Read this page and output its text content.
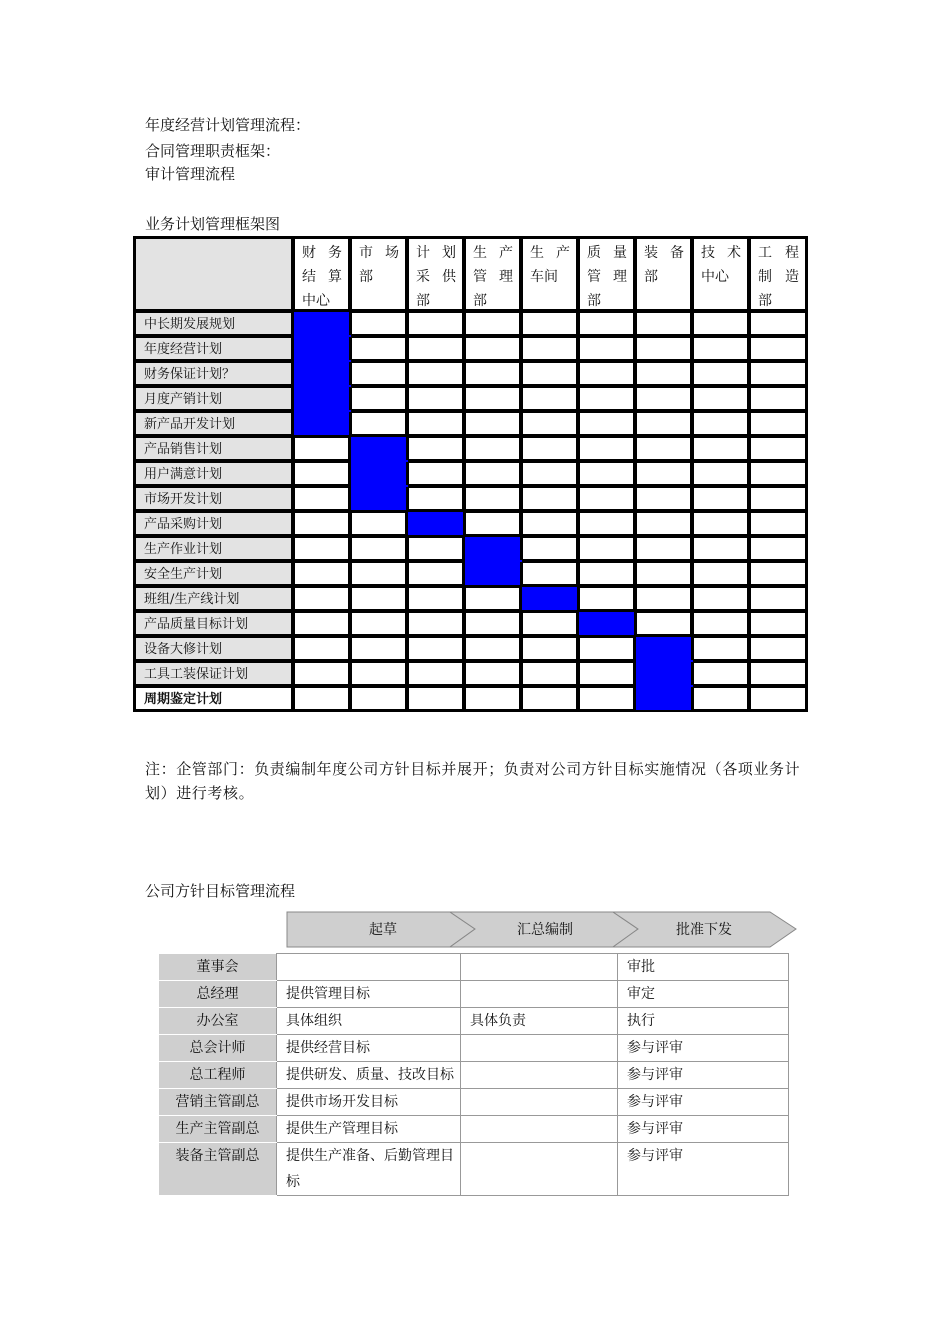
年度经营计划管理流程：
合同管理职责框架：
审计管理流程
业务计划管理框架图

	财 务
结 算
中心	市 场
部	计 划
采 供
部	生 产
管 理
部	生 产
车间	质 量
管 理
部	装 备
部	技 术
中心	工 程
制 造
部

中长期发展规划									

年度经营计划									

财务保证计划？									

月度产销计划									

新产品开发计划									

产品销售计划									

用户满意计划									

市场开发计划									

产品采购计划									

生产作业计划									

安全生产计划									

班组/生产线计划									

产品质量目标计划									

设备大修计划									

工具工装保证计划									

周期鉴定计划									

注：企管部门：负责编制年度公司方针目标并展开；负责对公司方针目标实施情况（各项业务计划）进行考核。
公司方针目标管理流程
起草	汇总编制	批准下发
董事会			审批
总经理	提供管理目标		审定
办公室	具体组织	具体负责	执行
总会计师	提供经营目标		参与评审
总工程师	提供研发、质量、技改目标		参与评审
营销主管副总	提供市场开发目标		参与评审
生产主管副总	提供生产管理目标		参与评审
装备主管副总	提供生产准备、后勤管理目标		参与评审
